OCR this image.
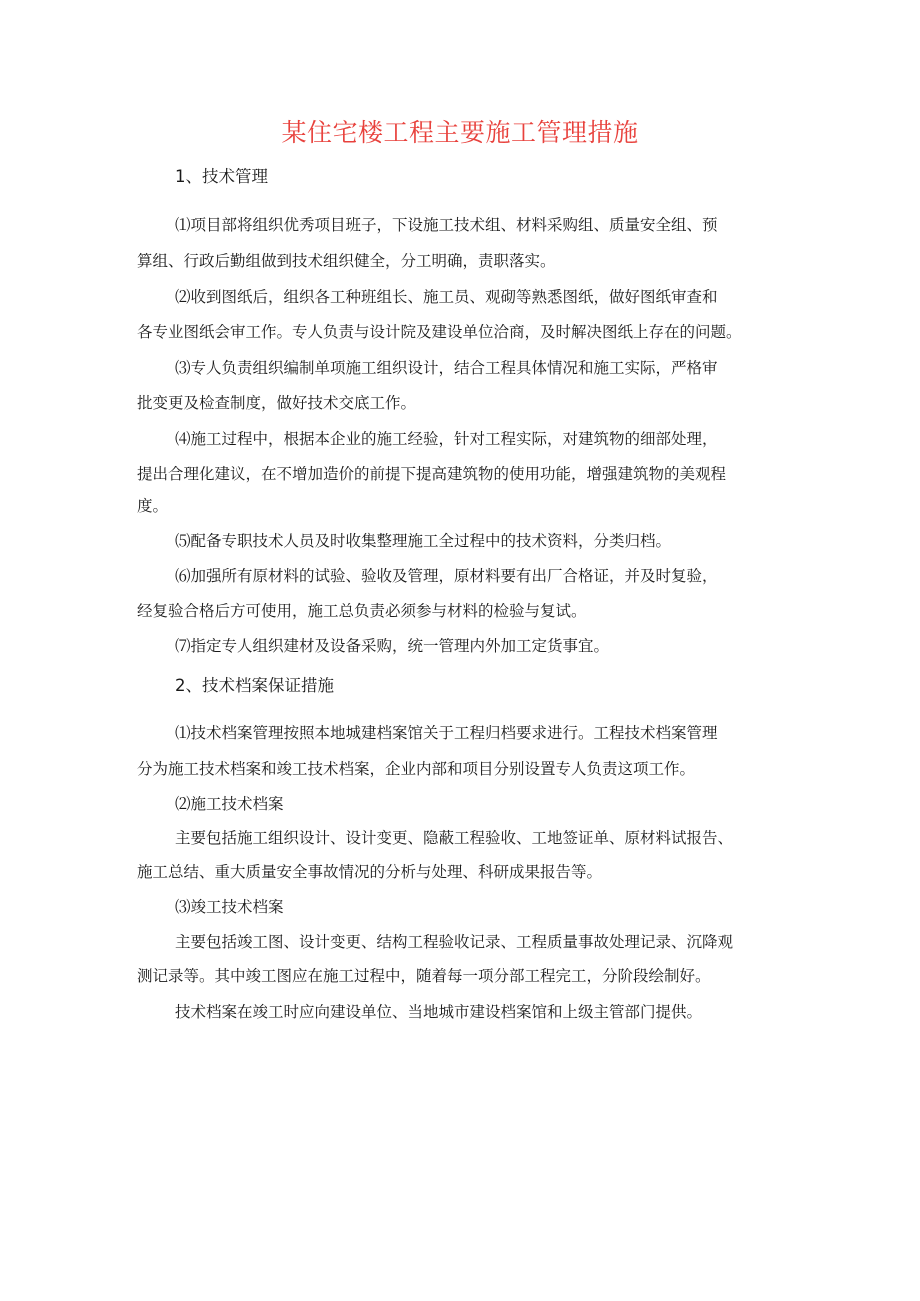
某住宅楼工程主要施工管理措施
1、技术管理
⑴项目部将组织优秀项目班子，下设施工技术组、材料采购组、质量安全组、预
算组、行政后勤组做到技术组织健全，分工明确，责职落实。
⑵收到图纸后，组织各工种班组长、施工员、观砌等熟悉图纸，做好图纸审查和
各专业图纸会审工作。专人负责与设计院及建设单位洽商，及时解决图纸上存在的问题。
⑶专人负责组织编制单项施工组织设计，结合工程具体情况和施工实际，严格审
批变更及检查制度，做好技术交底工作。
⑷施工过程中，根据本企业的施工经验，针对工程实际，对建筑物的细部处理，
提出合理化建议，在不增加造价的前提下提高建筑物的使用功能，增强建筑物的美观程
度。
⑸配备专职技术人员及时收集整理施工全过程中的技术资料，分类归档。
⑹加强所有原材料的试验、验收及管理，原材料要有出厂合格证，并及时复验，
经复验合格后方可使用，施工总负责必须参与材料的检验与复试。
⑺指定专人组织建材及设备采购，统一管理内外加工定货事宜。
2、技术档案保证措施
⑴技术档案管理按照本地城建档案馆关于工程归档要求进行。工程技术档案管理
分为施工技术档案和竣工技术档案，企业内部和项目分别设置专人负责这项工作。
⑵施工技术档案
主要包括施工组织设计、设计变更、隐蔽工程验收、工地签证单、原材料试报告、
施工总结、重大质量安全事故情况的分析与处理、科研成果报告等。
⑶竣工技术档案
主要包括竣工图、设计变更、结构工程验收记录、工程质量事故处理记录、沉降观
测记录等。其中竣工图应在施工过程中，随着每一项分部工程完工，分阶段绘制好。
技术档案在竣工时应向建设单位、当地城市建设档案馆和上级主管部门提供。
